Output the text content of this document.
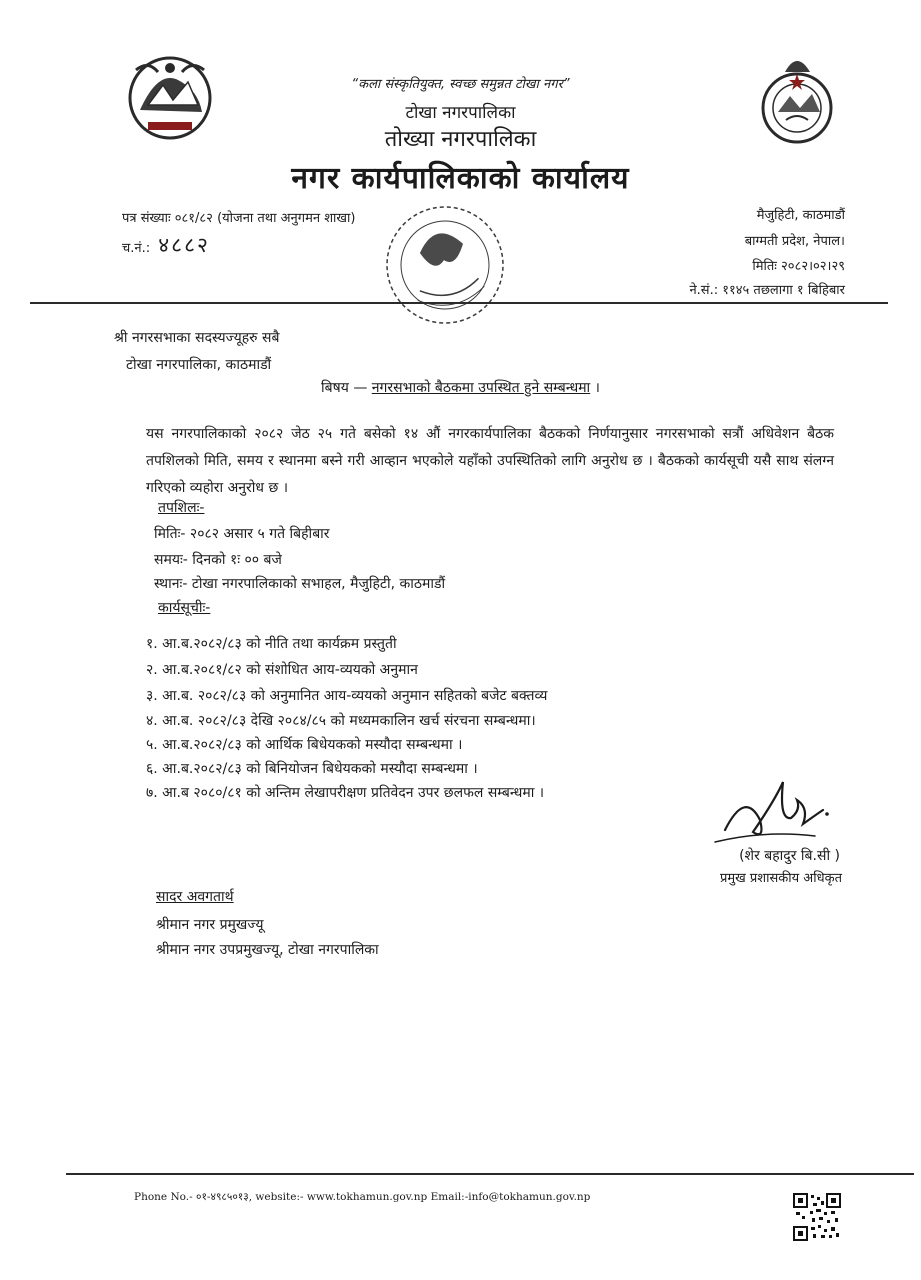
“कला संस्कृतियुक्त, स्वच्छ समुन्नत टोखा नगर”
टोखा नगरपालिका
तोख्या नगरपालिका
नगर कार्यपालिकाको कार्यालय
पत्र संख्याः ०८१/८२ (योजना तथा अनुगमन शाखा)
च.नं.: ४८८२
मैजुहिटी, काठमाडौं
बाग्मती प्रदेश, नेपाल।
मितिः २०८२।०२।२९
ने.सं.: ११४५ तछलागा १ बिहिबार
श्री नगरसभाका सदस्यज्यूहरु सबै
टोखा नगरपालिका, काठमाडौं
बिषय — नगरसभाको बैठकमा उपस्थित हुने सम्बन्धमा ।
यस नगरपालिकाको २०८२ जेठ २५ गते बसेको १४ औं नगरकार्यपालिका बैठकको निर्णयानुसार नगरसभाको सत्रौं अधिवेशन बैठक तपशिलको मिति, समय र स्थानमा बस्ने गरी आव्हान भएकोले यहाँको उपस्थितिको लागि अनुरोध छ । बैठकको कार्यसूची यसै साथ संलग्न गरिएको व्यहोरा अनुरोध छ ।
तपशिलः-
मितिः- २०८२ असार ५ गते बिहीबार
समयः- दिनको १ः ०० बजे
स्थानः- टोखा नगरपालिकाको सभाहल, मैजुहिटी, काठमाडौं
कार्यसूचीः-
१. आ.ब.२०८२/८३ को नीति तथा कार्यक्रम प्रस्तुती
२. आ.ब.२०८१/८२ को संशोधित आय-व्ययको अनुमान
३. आ.ब. २०८२/८३ को अनुमानित आय-व्ययको अनुमान सहितको बजेट बक्तव्य
४. आ.ब. २०८२/८३ देखि २०८४/८५ को मध्यमकालिन खर्च संरचना सम्बन्धमा।
५. आ.ब.२०८२/८३ को आर्थिक बिधेयकको मस्यौदा सम्बन्धमा ।
६. आ.ब.२०८२/८३ को बिनियोजन बिधेयकको मस्यौदा सम्बन्धमा ।
७. आ.ब २०८०/८१ को अन्तिम लेखापरीक्षण प्रतिवेदन उपर छलफल सम्बन्धमा ।
(शेर बहादुर बि.सी )
प्रमुख प्रशासकीय अधिकृत
सादर अवगतार्थ
श्रीमान नगर प्रमुखज्यू
श्रीमान नगर उपप्रमुखज्यू, टोखा नगरपालिका
Phone No.- ०१-४९८५०१३, website:- www.tokhamun.gov.np Email:-info@tokhamun.gov.np
